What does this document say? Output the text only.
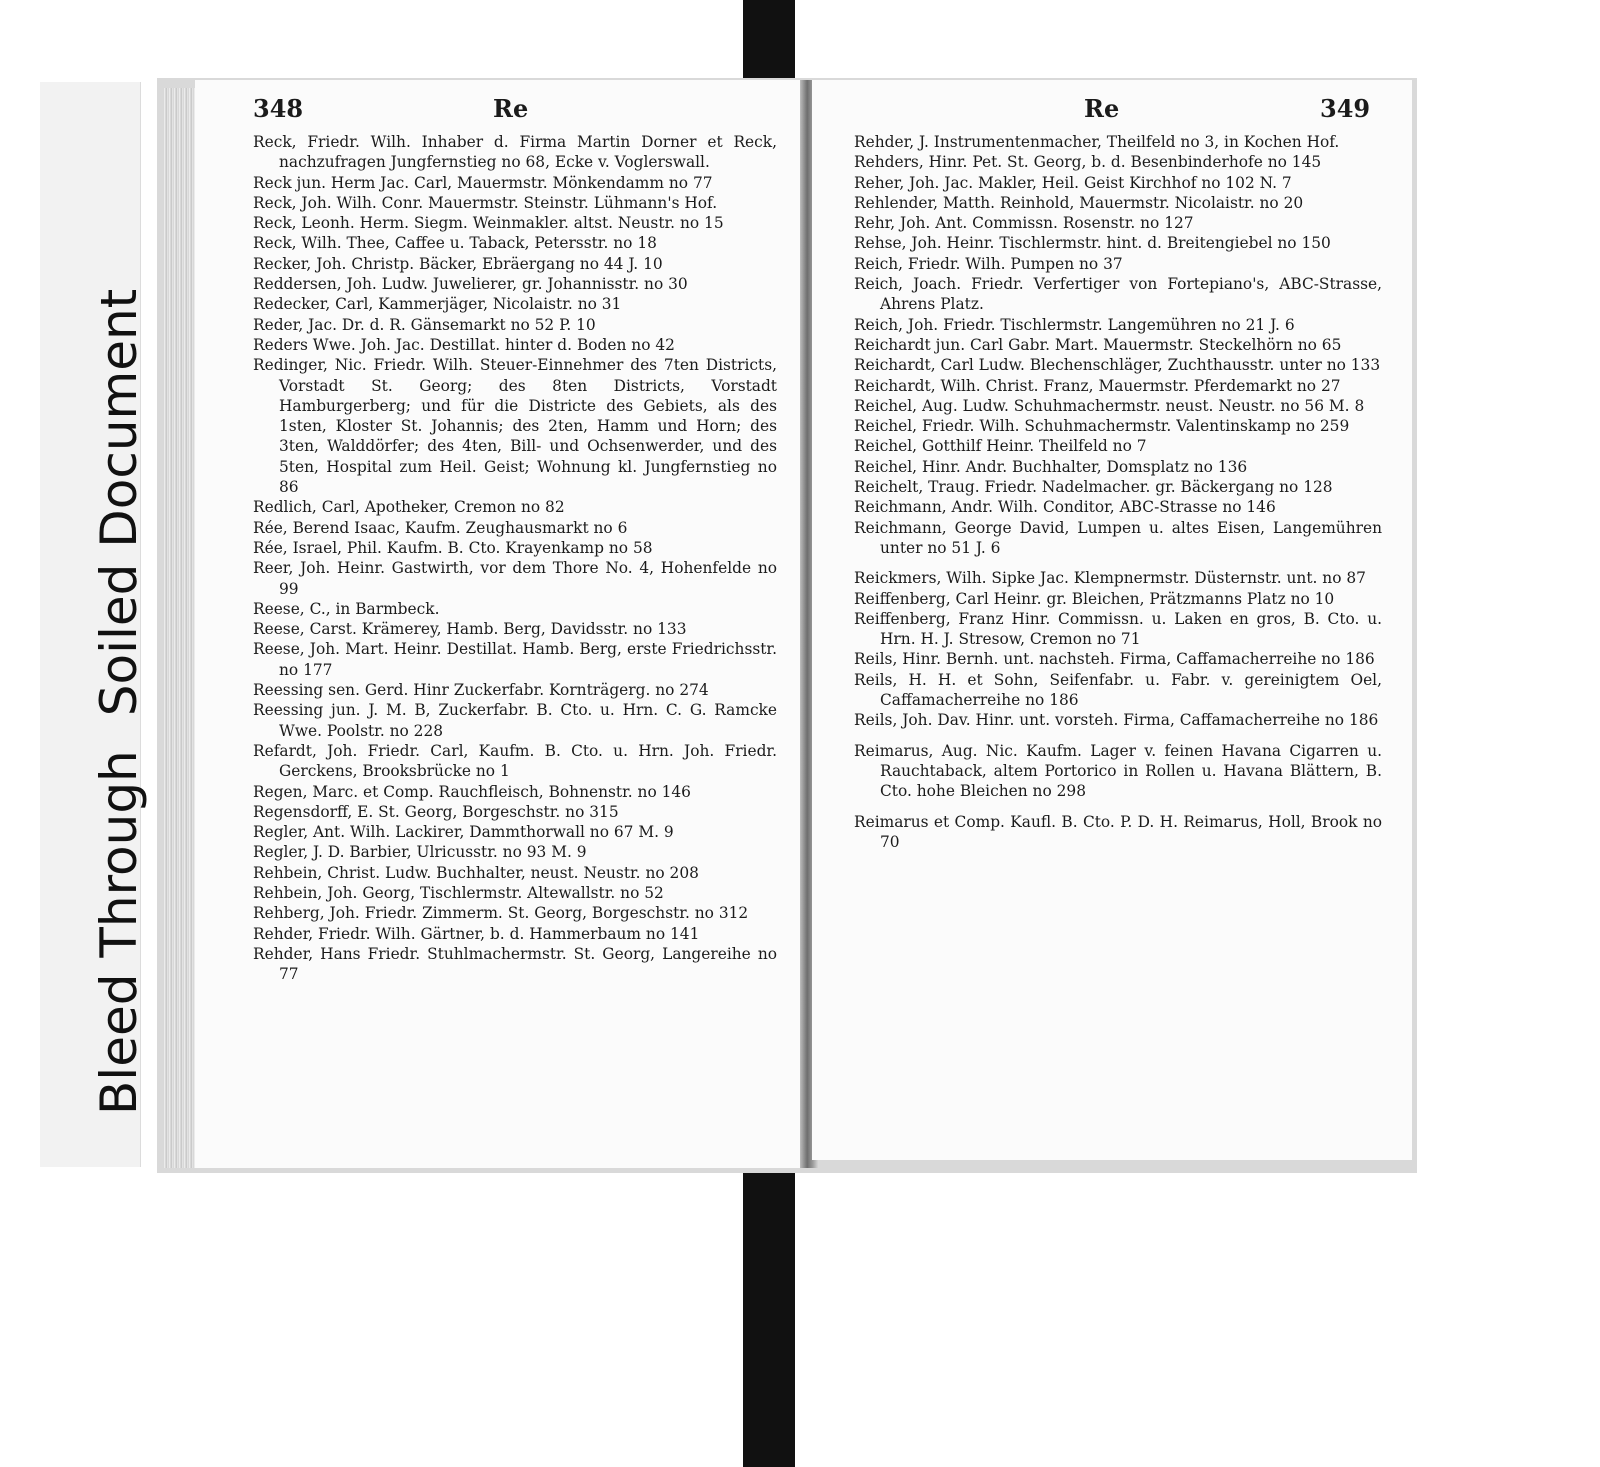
Bleed ThroughSoiled Document
348	Re

Reck, Friedr. Wilh. Inhaber d. Firma Martin Dorner et Reck, nachzufragen Jungfernstieg no 68, Ecke v. Voglerswall.

Reck jun. Herm Jac. Carl, Mauermstr. Mönkendamm no 77

Reck, Joh. Wilh. Conr. Mauermstr. Steinstr. Lühmann's Hof.

Reck, Leonh. Herm. Siegm. Weinmakler. altst. Neustr. no 15

Reck, Wilh. Thee, Caffee u. Taback, Petersstr. no 18

Recker, Joh. Christp. Bäcker, Ebräergang no 44 J. 10

Reddersen, Joh. Ludw. Juwelierer, gr. Johannisstr. no 30

Redecker, Carl, Kammerjäger, Nicolaistr. no 31

Reder, Jac. Dr. d. R. Gänsemarkt no 52 P. 10

Reders Wwe. Joh. Jac. Destillat. hinter d. Boden no 42

Redinger, Nic. Friedr. Wilh. Steuer-Einnehmer des 7ten Districts, Vorstadt St. Georg; des 8ten Districts, Vorstadt Hamburgerberg; und für die Districte des Gebiets, als des 1sten, Kloster St. Johannis; des 2ten, Hamm und Horn; des 3ten, Walddörfer; des 4ten, Bill- und Ochsenwerder, und des 5ten, Hospital zum Heil. Geist; Wohnung kl. Jungfernstieg no 86

Redlich, Carl, Apotheker, Cremon no 82

Rée, Berend Isaac, Kaufm. Zeughausmarkt no 6

Rée, Israel, Phil. Kaufm. B. Cto. Krayenkamp no 58

Reer, Joh. Heinr. Gastwirth, vor dem Thore No. 4, Hohenfelde no 99

Reese, C., in Barmbeck.

Reese, Carst. Krämerey, Hamb. Berg, Davidsstr. no 133

Reese, Joh. Mart. Heinr. Destillat. Hamb. Berg, erste Friedrichsstr. no 177

Reessing sen. Gerd. Hinr Zuckerfabr. Kornträgerg. no 274

Reessing jun. J. M. B, Zuckerfabr. B. Cto. u. Hrn. C. G. Ramcke Wwe. Poolstr. no 228

Refardt, Joh. Friedr. Carl, Kaufm. B. Cto. u. Hrn. Joh. Friedr. Gerckens, Brooksbrücke no 1

Regen, Marc. et Comp. Rauchfleisch, Bohnenstr. no 146

Regensdorff, E. St. Georg, Borgeschstr. no 315

Regler, Ant. Wilh. Lackirer, Dammthorwall no 67 M. 9

Regler, J. D. Barbier, Ulricusstr. no 93 M. 9

Rehbein, Christ. Ludw. Buchhalter, neust. Neustr. no 208

Rehbein, Joh. Georg, Tischlermstr. Altewallstr. no 52

Rehberg, Joh. Friedr. Zimmerm. St. Georg, Borgeschstr. no 312

Rehder, Friedr. Wilh. Gärtner, b. d. Hammerbaum no 141

Rehder, Hans Friedr. Stuhlmachermstr. St. Georg, Langereihe no 77

Re	349

Rehder, J. Instrumentenmacher, Theilfeld no 3, in Kochen Hof.

Rehders, Hinr. Pet. St. Georg, b. d. Besenbinderhofe no 145

Reher, Joh. Jac. Makler, Heil. Geist Kirchhof no 102 N. 7

Rehlender, Matth. Reinhold, Mauermstr. Nicolaistr. no 20

Rehr, Joh. Ant. Commissn. Rosenstr. no 127

Rehse, Joh. Heinr. Tischlermstr. hint. d. Breitengiebel no 150

Reich, Friedr. Wilh. Pumpen no 37

Reich, Joach. Friedr. Verfertiger von Fortepiano's, ABC-Strasse, Ahrens Platz.

Reich, Joh. Friedr. Tischlermstr. Langemühren no 21 J. 6

Reichardt jun. Carl Gabr. Mart. Mauermstr. Steckelhörn no 65

Reichardt, Carl Ludw. Blechenschläger, Zuchthausstr. unter no 133

Reichardt, Wilh. Christ. Franz, Mauermstr. Pferdemarkt no 27

Reichel, Aug. Ludw. Schuhmachermstr. neust. Neustr. no 56 M. 8

Reichel, Friedr. Wilh. Schuhmachermstr. Valentinskamp no 259

Reichel, Gotthilf Heinr. Theilfeld no 7

Reichel, Hinr. Andr. Buchhalter, Domsplatz no 136

Reichelt, Traug. Friedr. Nadelmacher. gr. Bäckergang no 128

Reichmann, Andr. Wilh. Conditor, ABC-Strasse no 146

Reichmann, George David, Lumpen u. altes Eisen, Langemühren unter no 51 J. 6

Reickmers, Wilh. Sipke Jac. Klempnermstr. Düsternstr. unt. no 87

Reiffenberg, Carl Heinr. gr. Bleichen, Prätzmanns Platz no 10

Reiffenberg, Franz Hinr. Commissn. u. Laken en gros, B. Cto. u. Hrn. H. J. Stresow, Cremon no 71

Reils, Hinr. Bernh. unt. nachsteh. Firma, Caffamacherreihe no 186

Reils, H. H. et Sohn, Seifenfabr. u. Fabr. v. gereinigtem Oel, Caffamacherreihe no 186

Reils, Joh. Dav. Hinr. unt. vorsteh. Firma, Caffamacherreihe no 186

Reimarus, Aug. Nic. Kaufm. Lager v. feinen Havana Cigarren u. Rauchtaback, altem Portorico in Rollen u. Havana Blättern, B. Cto. hohe Bleichen no 298

Reimarus et Comp. Kaufl. B. Cto. P. D. H. Reimarus, Holl, Brook no 70
